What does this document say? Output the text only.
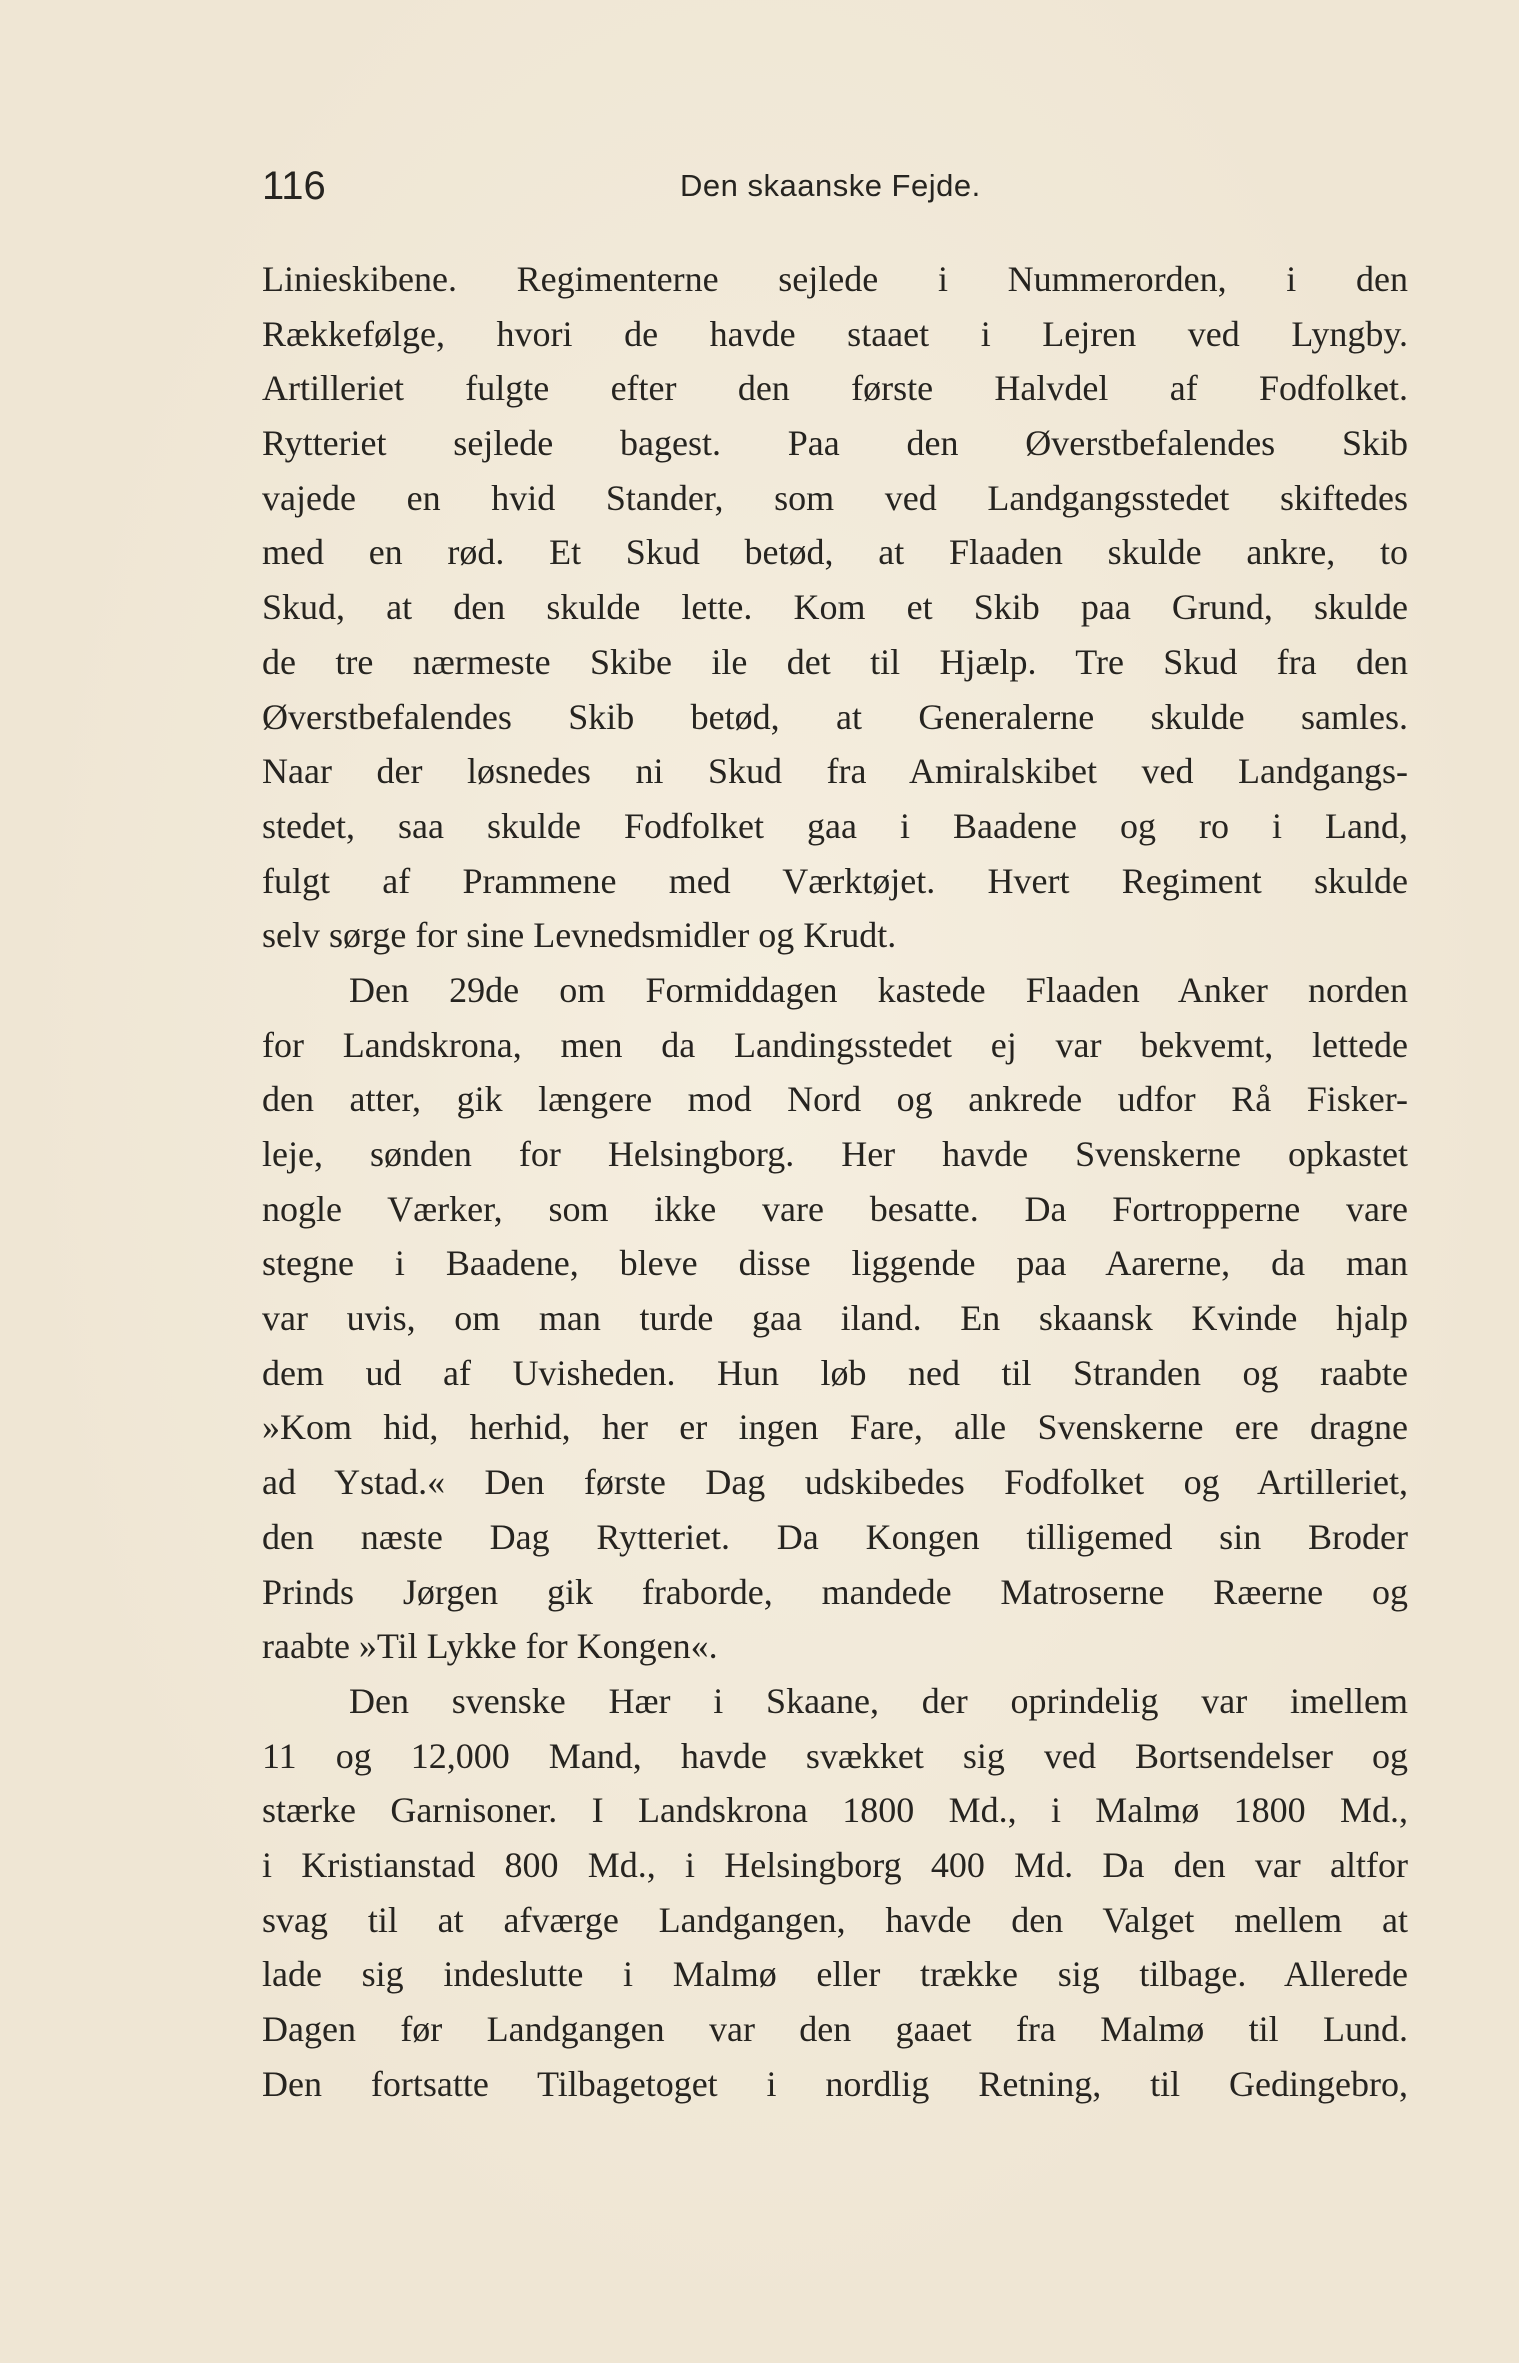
116	Den skaanske Fejde.
Linieskibene. Regimenterne sejlede i Nummerorden, i den
Rækkefølge, hvori de havde staaet i Lejren ved Lyngby.
Artilleriet fulgte efter den første Halvdel af Fodfolket.
Rytteriet sejlede bagest. Paa den Øverstbefalendes Skib
vajede en hvid Stander, som ved Landgangsstedet skiftedes
med en rød. Et Skud betød, at Flaaden skulde ankre, to
Skud, at den skulde lette. Kom et Skib paa Grund, skulde
de tre nærmeste Skibe ile det til Hjælp. Tre Skud fra den
Øverstbefalendes Skib betød, at Generalerne skulde samles.
Naar der løsnedes ni Skud fra Amiralskibet ved Landgangs-
stedet, saa skulde Fodfolket gaa i Baadene og ro i Land,
fulgt af Prammene med Værktøjet. Hvert Regiment skulde
selv sørge for sine Levnedsmidler og Krudt.
Den 29de om Formiddagen kastede Flaaden Anker norden
for Landskrona, men da Landingsstedet ej var bekvemt, lettede
den atter, gik længere mod Nord og ankrede udfor Rå Fisker-
leje, sønden for Helsingborg. Her havde Svenskerne opkastet
nogle Værker, som ikke vare besatte. Da Fortropperne vare
stegne i Baadene, bleve disse liggende paa Aarerne, da man
var uvis, om man turde gaa iland. En skaansk Kvinde hjalp
dem ud af Uvisheden. Hun løb ned til Stranden og raabte
»Kom hid, herhid, her er ingen Fare, alle Svenskerne ere dragne
ad Ystad.« Den første Dag udskibedes Fodfolket og Artilleriet,
den næste Dag Rytteriet. Da Kongen tilligemed sin Broder
Prinds Jørgen gik fraborde, mandede Matroserne Ræerne og
raabte »Til Lykke for Kongen«.
Den svenske Hær i Skaane, der oprindelig var imellem
11 og 12,000 Mand, havde svækket sig ved Bortsendelser og
stærke Garnisoner. I Landskrona 1800 Md., i Malmø 1800 Md.,
i Kristianstad 800 Md., i Helsingborg 400 Md. Da den var altfor
svag til at afværge Landgangen, havde den Valget mellem at
lade sig indeslutte i Malmø eller trække sig tilbage. Allerede
Dagen før Landgangen var den gaaet fra Malmø til Lund.
Den fortsatte Tilbagetoget i nordlig Retning, til Gedingebro,
